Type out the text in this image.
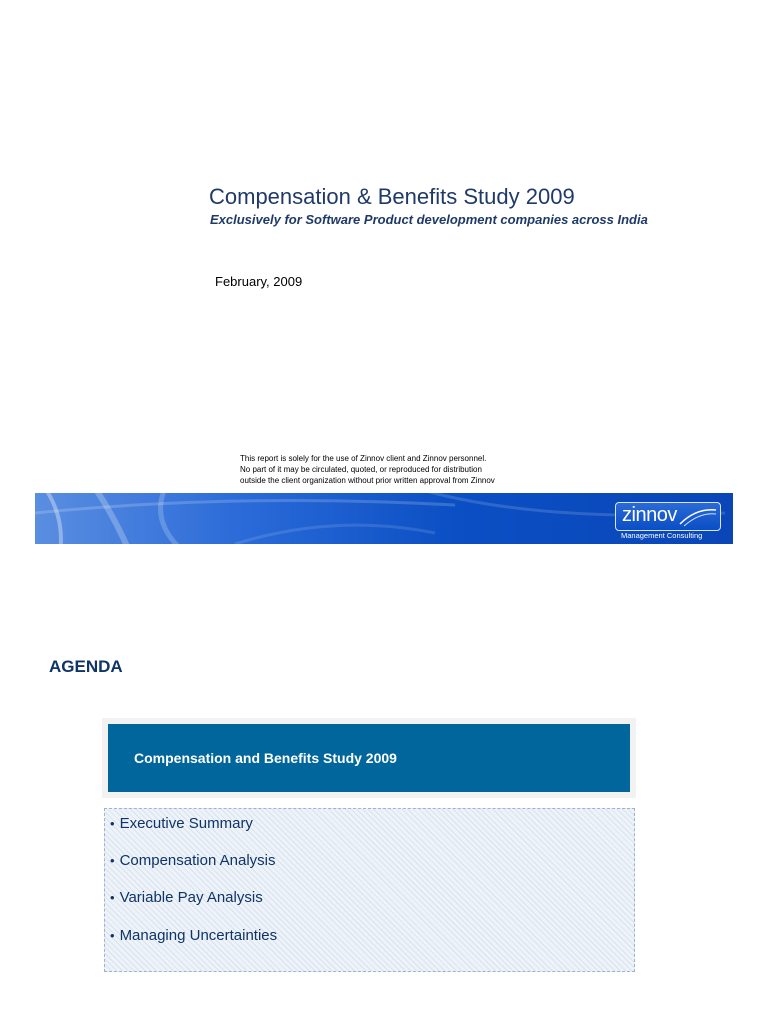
Compensation & Benefits Study 2009
Exclusively for Software Product development companies across India
February, 2009
This report is solely for the use of Zinnov client and Zinnov personnel.
No part of it may be circulated, quoted, or reproduced for distribution
outside the client organization without prior written approval from Zinnov
zinnov
Management Consulting
AGENDA
Compensation and Benefits Study 2009
• Executive Summary
• Compensation Analysis
• Variable Pay Analysis
• Managing Uncertainties
